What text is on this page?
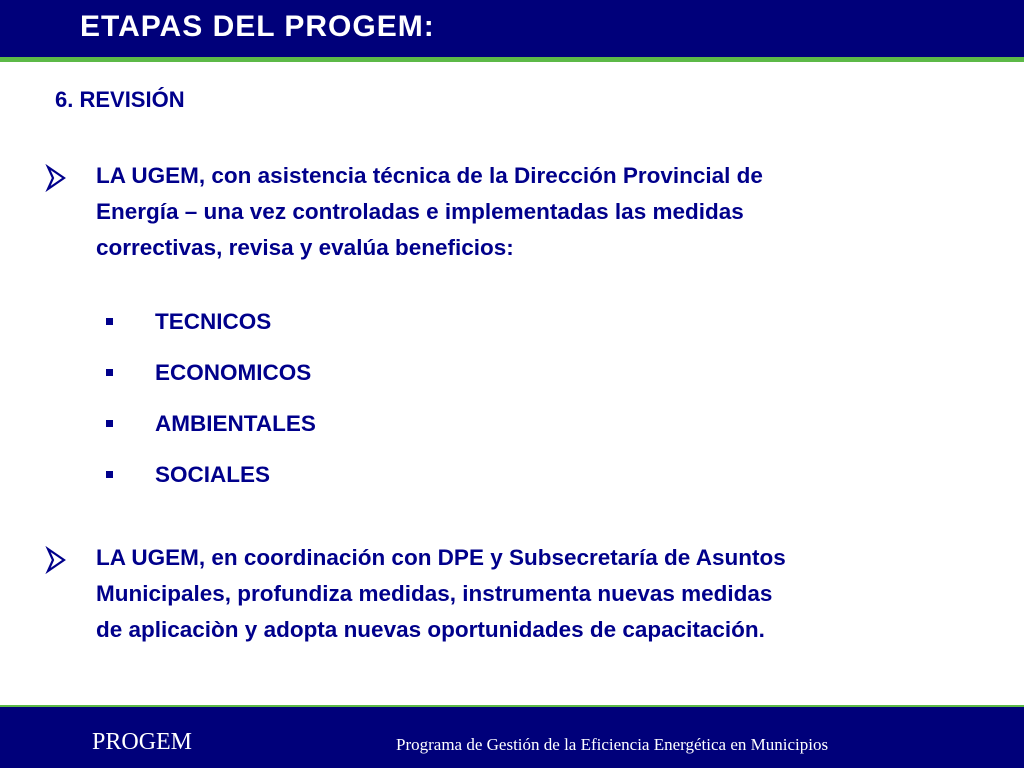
ETAPAS DEL PROGEM:
6. REVISIÓN
LA UGEM, con asistencia técnica de la Dirección Provincial de
Energía – una vez controladas e implementadas las medidas
correctivas, revisa y evalúa beneficios:
TECNICOS
ECONOMICOS
AMBIENTALES
SOCIALES
LA UGEM, en coordinación con DPE y Subsecretaría de Asuntos
Municipales, profundiza medidas, instrumenta nuevas medidas
de aplicaciòn y adopta nuevas oportunidades de capacitación.
PROGEM	Programa de Gestión de la Eficiencia Energética en Municipios
